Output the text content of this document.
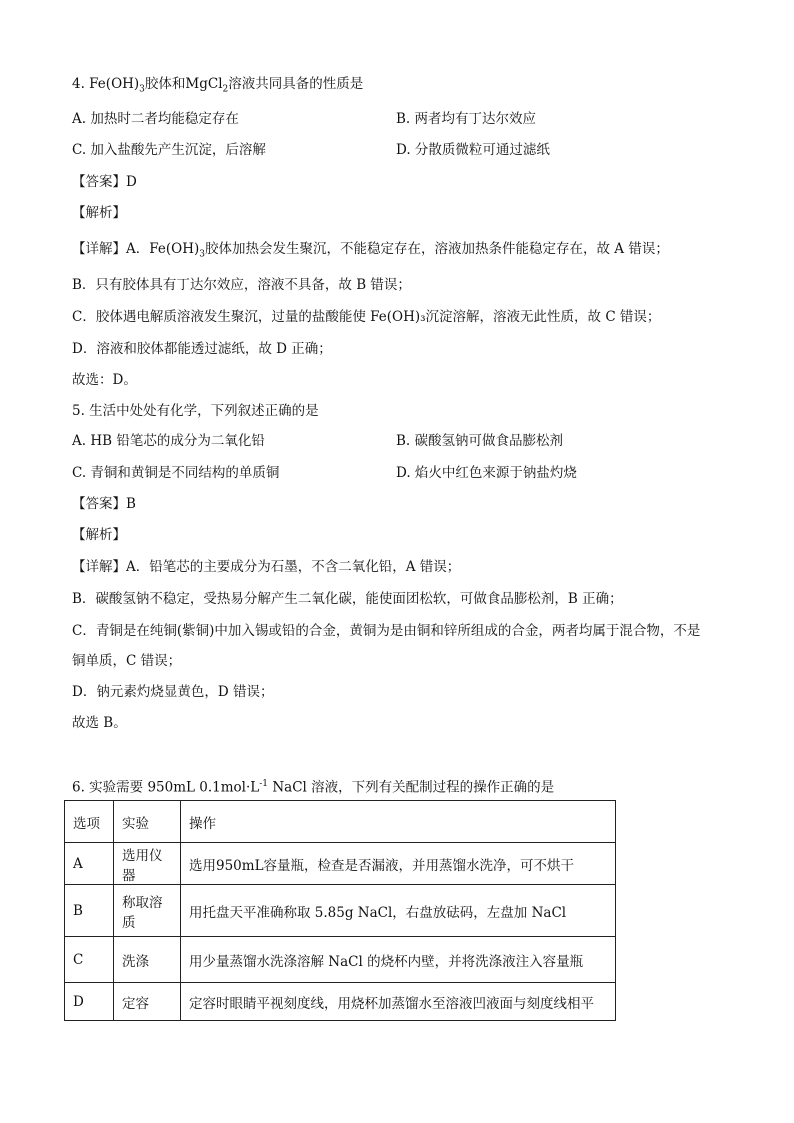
4. $Fe(OH)_3$胶体和MgCl$_2$溶液共同具备的性质是
A. 加热时二者均能稳定存在	B. 两者均有丁达尔效应
C. 加入盐酸先产生沉淀，后溶解	D. 分散质微粒可通过滤纸
【答案】D
【解析】
【详解】A．$Fe(OH)_3$胶体加热会发生聚沉，不能稳定存在，溶液加热条件能稳定存在，故 A 错误；
B．只有胶体具有丁达尔效应，溶液不具备，故 B 错误；
C．胶体遇电解质溶液发生聚沉，过量的盐酸能使 Fe(OH)₃沉淀溶解，溶液无此性质，故 C 错误；
D．溶液和胶体都能透过滤纸，故 D 正确；
故选：D。
5. 生活中处处有化学，下列叙述正确的是
A. HB 铅笔芯的成分为二氧化铅	B. 碳酸氢钠可做食品膨松剂
C. 青铜和黄铜是不同结构的单质铜	D. 焰火中红色来源于钠盐灼烧
【答案】B
【解析】
【详解】A．铅笔芯的主要成分为石墨，不含二氧化铅，A 错误；
B．碳酸氢钠不稳定，受热易分解产生二氧化碳，能使面团松软，可做食品膨松剂，B 正确；
C．青铜是在纯铜(紫铜)中加入锡或铅的合金，黄铜为是由铜和锌所组成的合金，两者均属于混合物，不是
铜单质，C 错误；
D．钠元素灼烧显黄色，D 错误；
故选 B。
6. 实验需要 950mL $0.1mol\cdot L^{-1}$ NaCl 溶液，下列有关配制过程的操作正确的是
选项	实验	操作
A	选用仪器	选用950mL容量瓶，检查是否漏液，并用蒸馏水洗净，可不烘干
B	称取溶质	用托盘天平准确称取 5.85g NaCl，右盘放砝码，左盘加 NaCl
C	洗涤	用少量蒸馏水洗涤溶解 NaCl 的烧杯内壁，并将洗涤液注入容量瓶
D	定容	定容时眼睛平视刻度线，用烧杯加蒸馏水至溶液凹液面与刻度线相平
